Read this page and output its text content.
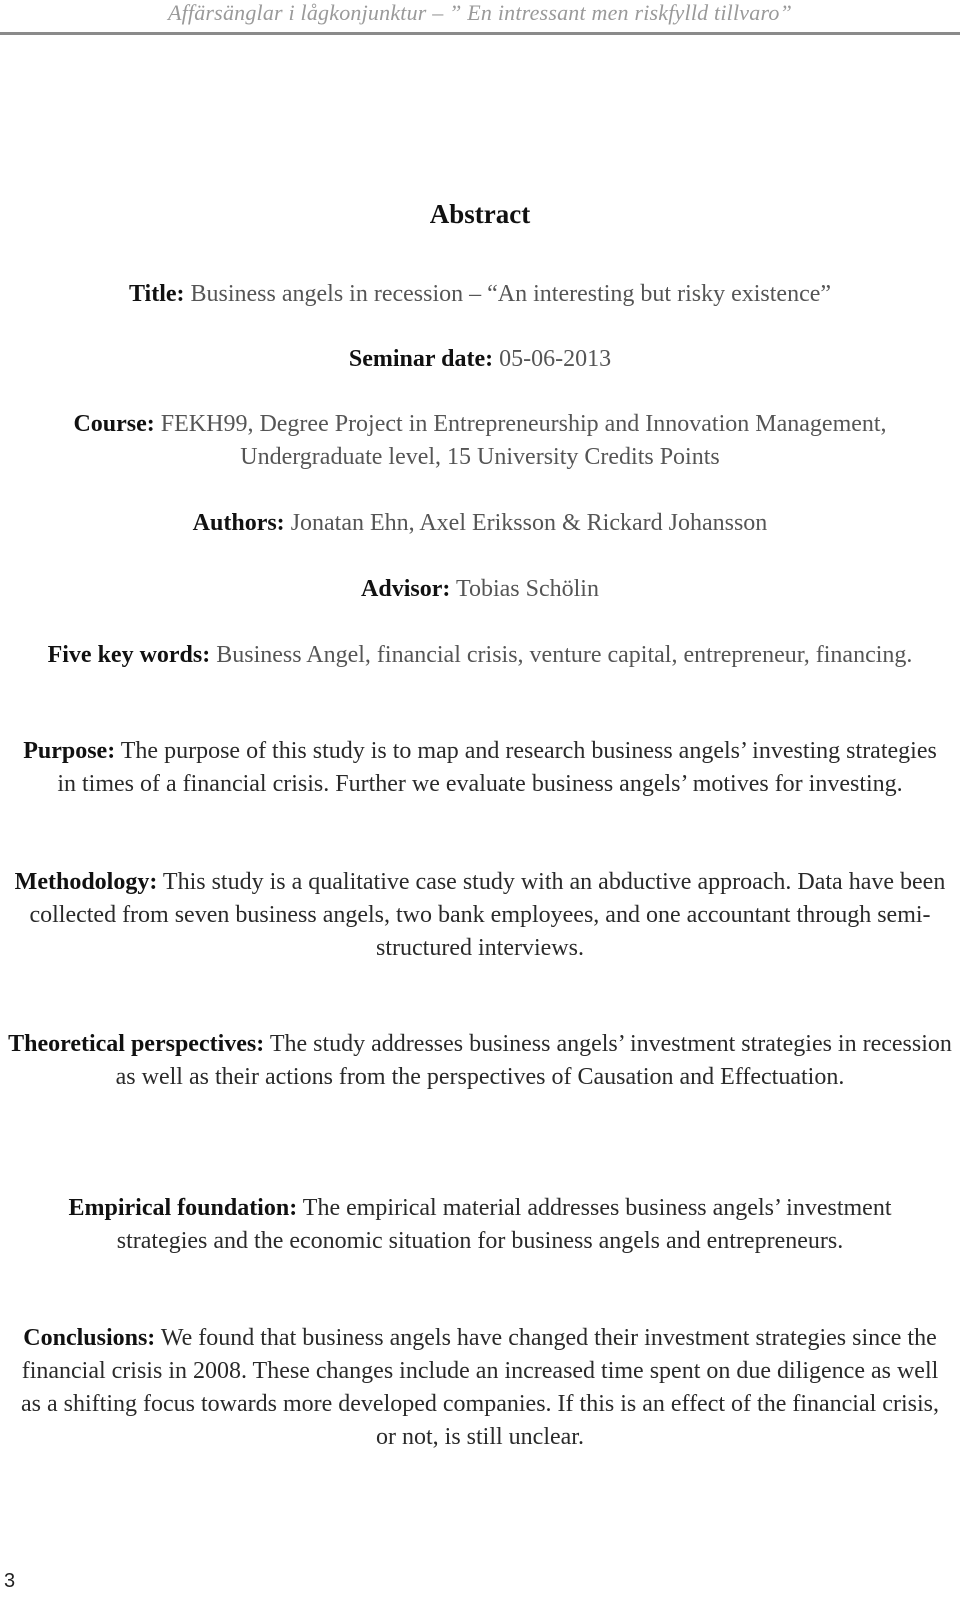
Affärsänglar i lågkonjunktur – ” En intressant men riskfylld tillvaro”
Abstract
Title: Business angels in recession – “An interesting but risky existence”
Seminar date: 05-06-2013
Course: FEKH99, Degree Project in Entrepreneurship and Innovation Management, Undergraduate level, 15 University Credits Points
Authors: Jonatan Ehn, Axel Eriksson & Rickard Johansson
Advisor: Tobias Schölin
Five key words: Business Angel, financial crisis, venture capital, entrepreneur, financing.
Purpose: The purpose of this study is to map and research business angels’ investing strategies in times of a financial crisis. Further we evaluate business angels’ motives for investing.
Methodology: This study is a qualitative case study with an abductive approach. Data have been collected from seven business angels, two bank employees, and one accountant through semi-structured interviews.
Theoretical perspectives: The study addresses business angels’ investment strategies in recession as well as their actions from the perspectives of Causation and Effectuation.
Empirical foundation: The empirical material addresses business angels’ investment strategies and the economic situation for business angels and entrepreneurs.
Conclusions: We found that business angels have changed their investment strategies since the financial crisis in 2008. These changes include an increased time spent on due diligence as well as a shifting focus towards more developed companies. If this is an effect of the financial crisis, or not, is still unclear.
3
